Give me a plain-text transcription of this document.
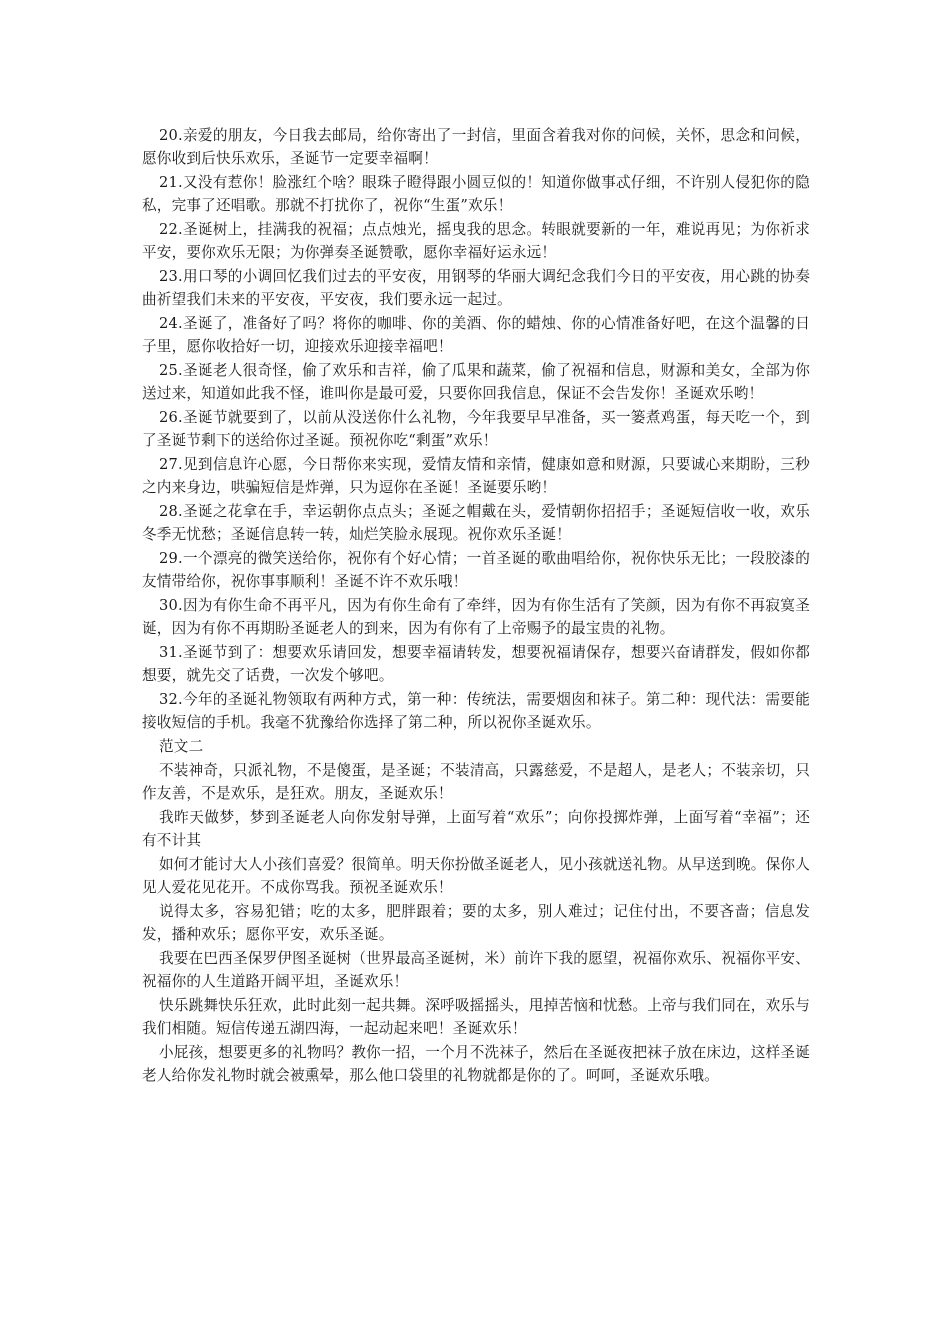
20.亲爱的朋友，今日我去邮局，给你寄出了一封信，里面含着我对你的问候，关怀，思念和问候，愿你收到后快乐欢乐，圣诞节一定要幸福啊！

21.又没有惹你！脸涨红个啥？眼珠子瞪得跟小圆豆似的！知道你做事忒仔细，不许别人侵犯你的隐私，完事了还唱歌。那就不打扰你了，祝你“生蛋”欢乐！

22.圣诞树上，挂满我的祝福；点点烛光，摇曳我的思念。转眼就要新的一年，难说再见；为你祈求平安，要你欢乐无限；为你弹奏圣诞赞歌，愿你幸福好运永远！

23.用口琴的小调回忆我们过去的平安夜，用钢琴的华丽大调纪念我们今日的平安夜，用心跳的协奏曲祈望我们未来的平安夜，平安夜，我们要永远一起过。

24.圣诞了，准备好了吗？将你的咖啡、你的美酒、你的蜡烛、你的心情准备好吧，在这个温馨的日子里，愿你收拾好一切，迎接欢乐迎接幸福吧！

25.圣诞老人很奇怪，偷了欢乐和吉祥，偷了瓜果和蔬菜，偷了祝福和信息，财源和美女，全部为你送过来，知道如此我不怪，谁叫你是最可爱，只要你回我信息，保证不会告发你！圣诞欢乐哟！

26.圣诞节就要到了，以前从没送你什么礼物，今年我要早早准备，买一篓煮鸡蛋，每天吃一个，到了圣诞节剩下的送给你过圣诞。预祝你吃“剩蛋”欢乐！

27.见到信息许心愿，今日帮你来实现，爱情友情和亲情，健康如意和财源，只要诚心来期盼，三秒之内来身边，哄骗短信是炸弹，只为逗你在圣诞！圣诞要乐哟！

28.圣诞之花拿在手，幸运朝你点点头；圣诞之帽戴在头，爱情朝你招招手；圣诞短信收一收，欢乐冬季无忧愁；圣诞信息转一转，灿烂笑脸永展现。祝你欢乐圣诞！

29.一个漂亮的微笑送给你，祝你有个好心情；一首圣诞的歌曲唱给你，祝你快乐无比；一段胶漆的友情带给你，祝你事事顺利！圣诞不许不欢乐哦！

30.因为有你生命不再平凡，因为有你生命有了牵绊，因为有你生活有了笑颜，因为有你不再寂寞圣诞，因为有你不再期盼圣诞老人的到来，因为有你有了上帝赐予的最宝贵的礼物。

31.圣诞节到了：想要欢乐请回发，想要幸福请转发，想要祝福请保存，想要兴奋请群发，假如你都想要，就先交了话费，一次发个够吧。

32.今年的圣诞礼物领取有两种方式，第一种：传统法，需要烟囱和袜子。第二种：现代法：需要能接收短信的手机。我毫不犹豫给你选择了第二种，所以祝你圣诞欢乐。

范文二

不装神奇，只派礼物，不是傻蛋，是圣诞；不装清高，只露慈爱，不是超人，是老人；不装亲切，只作友善，不是欢乐，是狂欢。朋友，圣诞欢乐！

我昨天做梦，梦到圣诞老人向你发射导弹，上面写着“欢乐”；向你投掷炸弹，上面写着“幸福”；还有不计其

如何才能讨大人小孩们喜爱？很简单。明天你扮做圣诞老人，见小孩就送礼物。从早送到晚。保你人见人爱花见花开。不成你骂我。预祝圣诞欢乐！

说得太多，容易犯错；吃的太多，肥胖跟着；要的太多，别人难过；记住付出，不要吝啬；信息发发，播种欢乐；愿你平安，欢乐圣诞。

我要在巴西圣保罗伊图圣诞树（世界最高圣诞树，米）前许下我的愿望，祝福你欢乐、祝福你平安、祝福你的人生道路开阔平坦，圣诞欢乐！

快乐跳舞快乐狂欢，此时此刻一起共舞。深呼吸摇摇头，甩掉苦恼和忧愁。上帝与我们同在，欢乐与我们相随。短信传递五湖四海，一起动起来吧！圣诞欢乐！

小屁孩，想要更多的礼物吗？教你一招，一个月不洗袜子，然后在圣诞夜把袜子放在床边，这样圣诞老人给你发礼物时就会被熏晕，那么他口袋里的礼物就都是你的了。呵呵，圣诞欢乐哦。
